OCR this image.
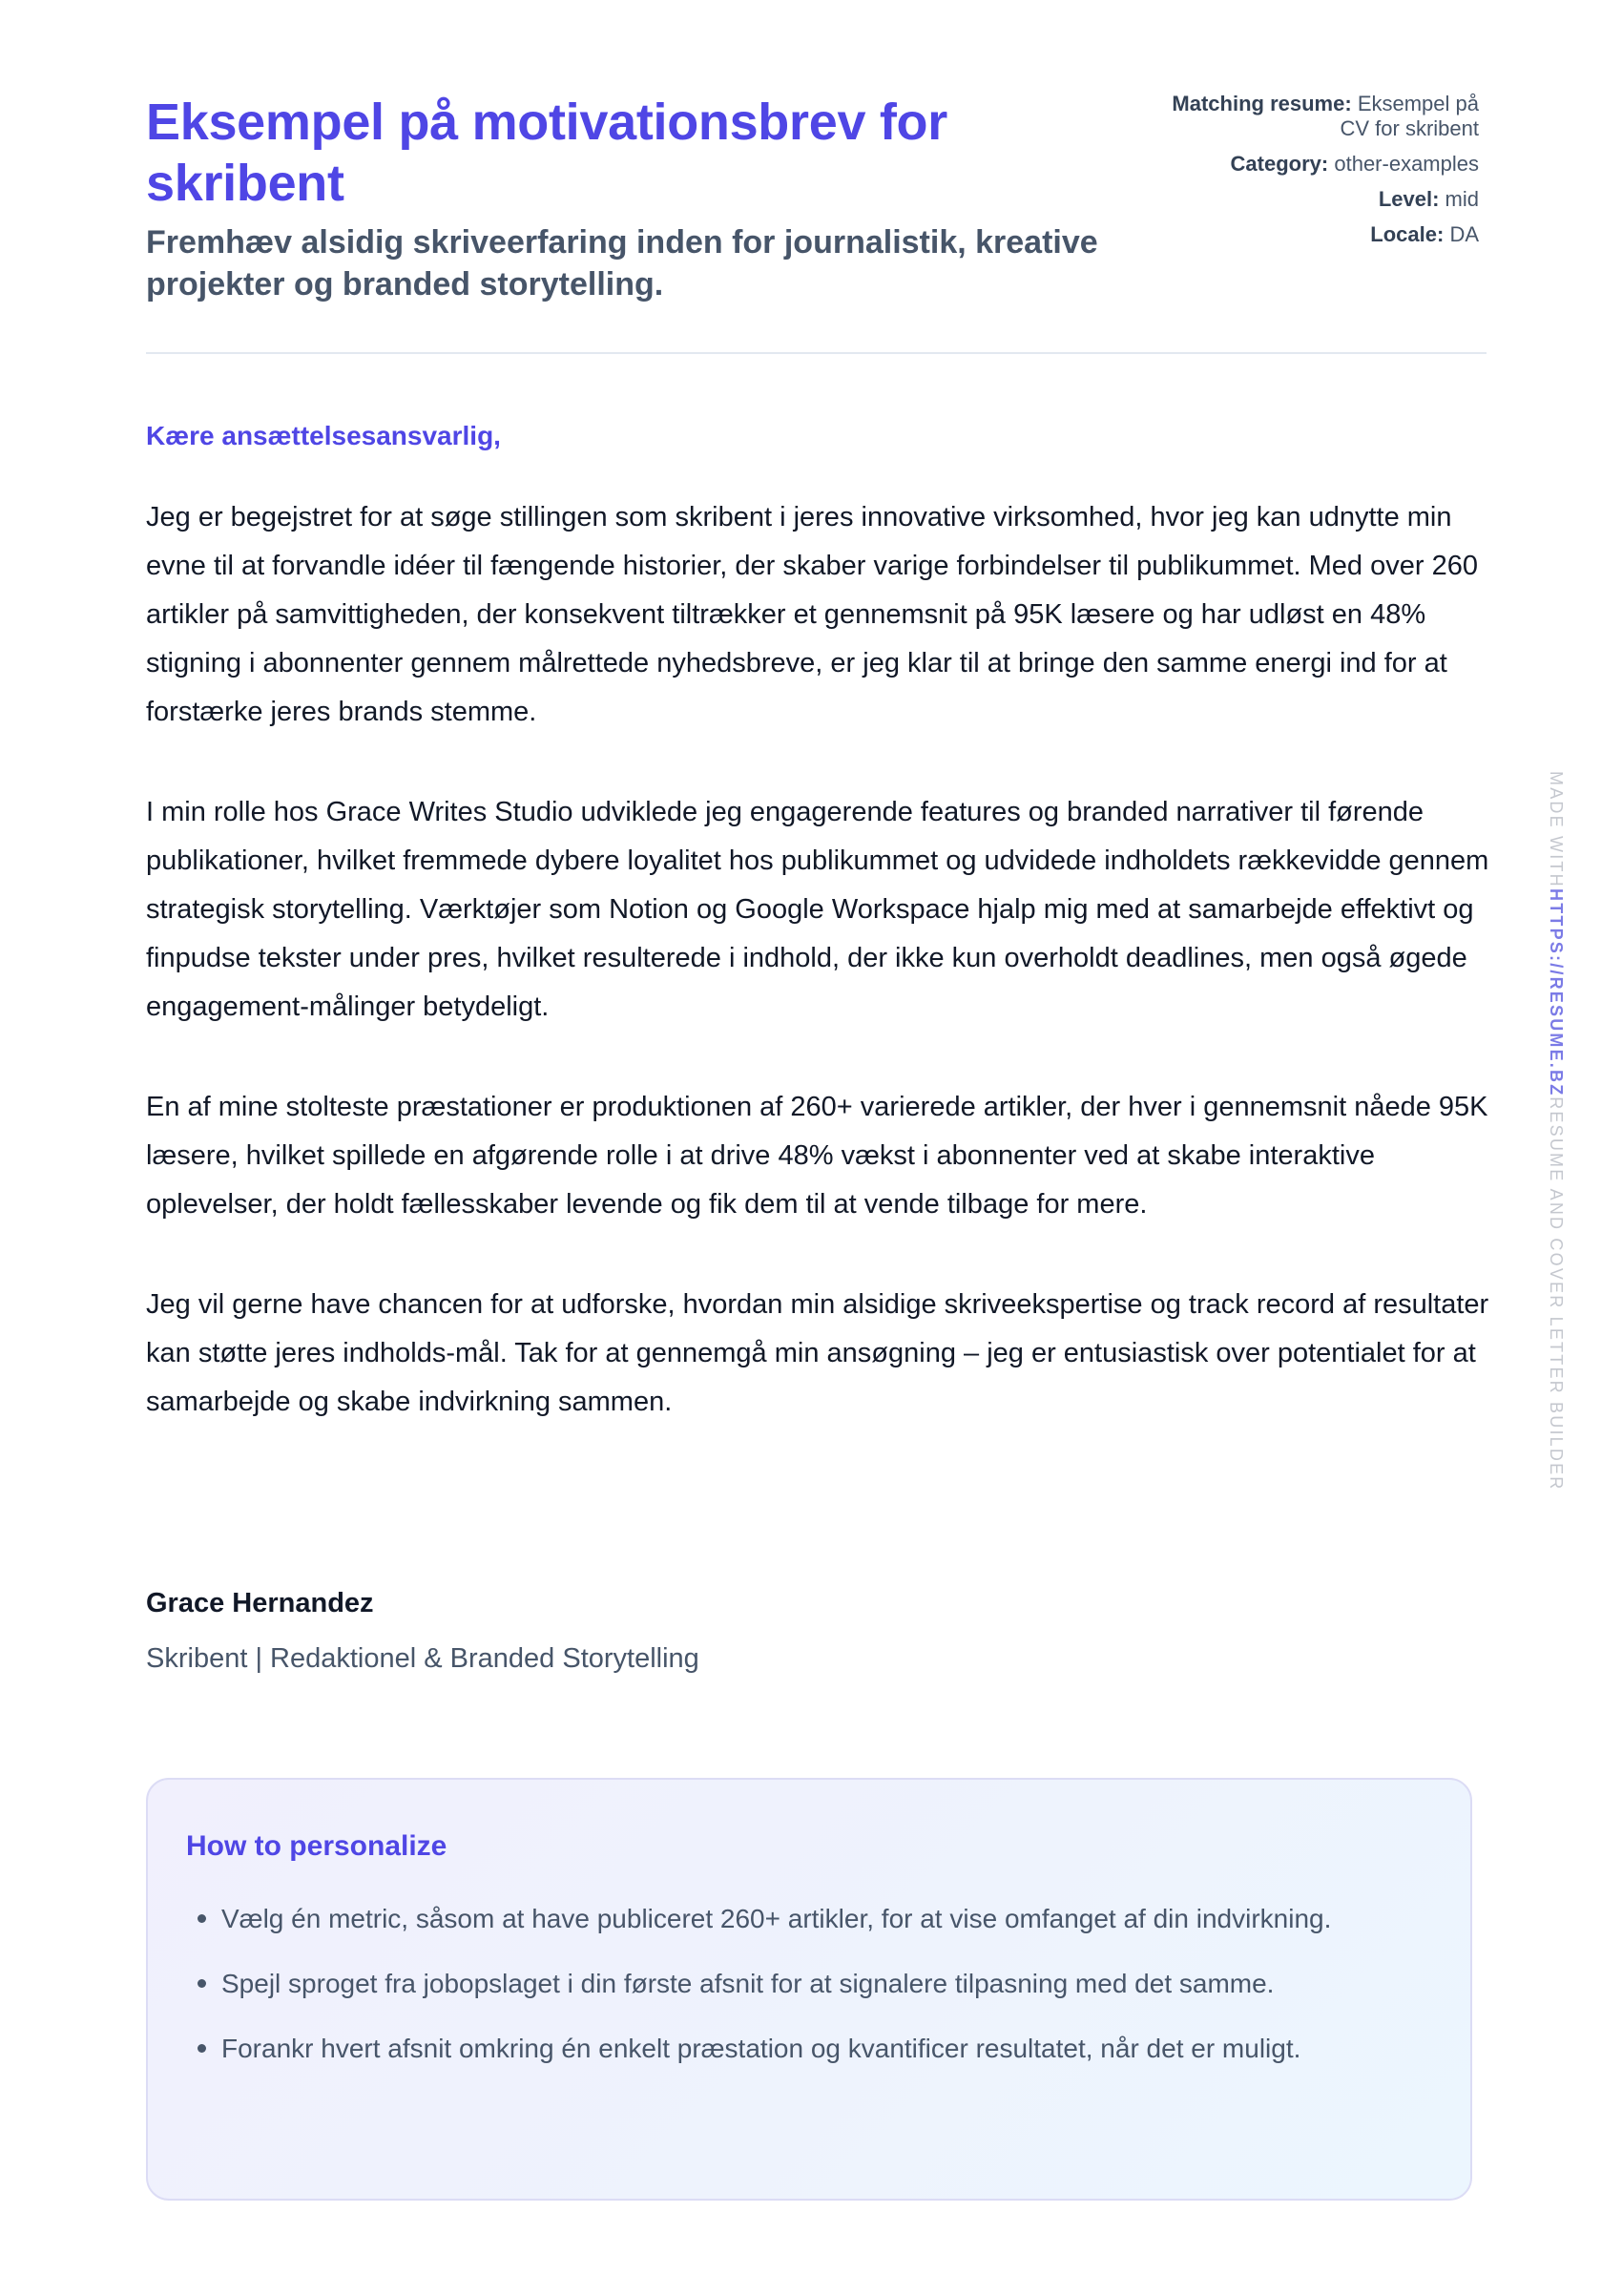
Eksempel på motivationsbrev for skribent
Fremhæv alsidig skriveerfaring inden for journalistik, kreative projekter og branded storytelling.
Matching resume: Eksempel på CV for skribent
Category: other-examples
Level: mid
Locale: DA
Kære ansættelsesansvarlig,

Jeg er begejstret for at søge stillingen som skribent i jeres innovative virksomhed, hvor jeg kan udnytte min evne til at forvandle idéer til fængende historier, der skaber varige forbindelser til publikummet. Med over 260 artikler på samvittigheden, der konsekvent tiltrækker et gennemsnit på 95K læsere og har udløst en 48% stigning i abonnenter gennem målrettede nyhedsbreve, er jeg klar til at bringe den samme energi ind for at forstærke jeres brands stemme.

I min rolle hos Grace Writes Studio udviklede jeg engagerende features og branded narrativer til førende publikationer, hvilket fremmede dybere loyalitet hos publikummet og udvidede indholdets rækkevidde gennem strategisk storytelling. Værktøjer som Notion og Google Workspace hjalp mig med at samarbejde effektivt og finpudse tekster under pres, hvilket resulterede i indhold, der ikke kun overholdt deadlines, men også øgede engagement-målinger betydeligt.

En af mine stolteste præstationer er produktionen af 260+ varierede artikler, der hver i gennemsnit nåede 95K læsere, hvilket spillede en afgørende rolle i at drive 48% vækst i abonnenter ved at skabe interaktive oplevelser, der holdt fællesskaber levende og fik dem til at vende tilbage for mere.

Jeg vil gerne have chancen for at udforske, hvordan min alsidige skriveekspertise og track record af resultater kan støtte jeres indholds-mål. Tak for at gennemgå min ansøgning – jeg er entusiastisk over potentialet for at samarbejde og skabe indvirkning sammen.

Grace Hernandez
Skribent | Redaktionel & Branded Storytelling
How to personalize
Vælg én metric, såsom at have publiceret 260+ artikler, for at vise omfanget af din indvirkning.
Spejl sproget fra jobopslaget i din første afsnit for at signalere tilpasning med det samme.
Forankr hvert afsnit omkring én enkelt præstation og kvantificer resultatet, når det er muligt.
MADE WITHHTTPS://RESUME.BZRESUME AND COVER LETTER BUILDER
